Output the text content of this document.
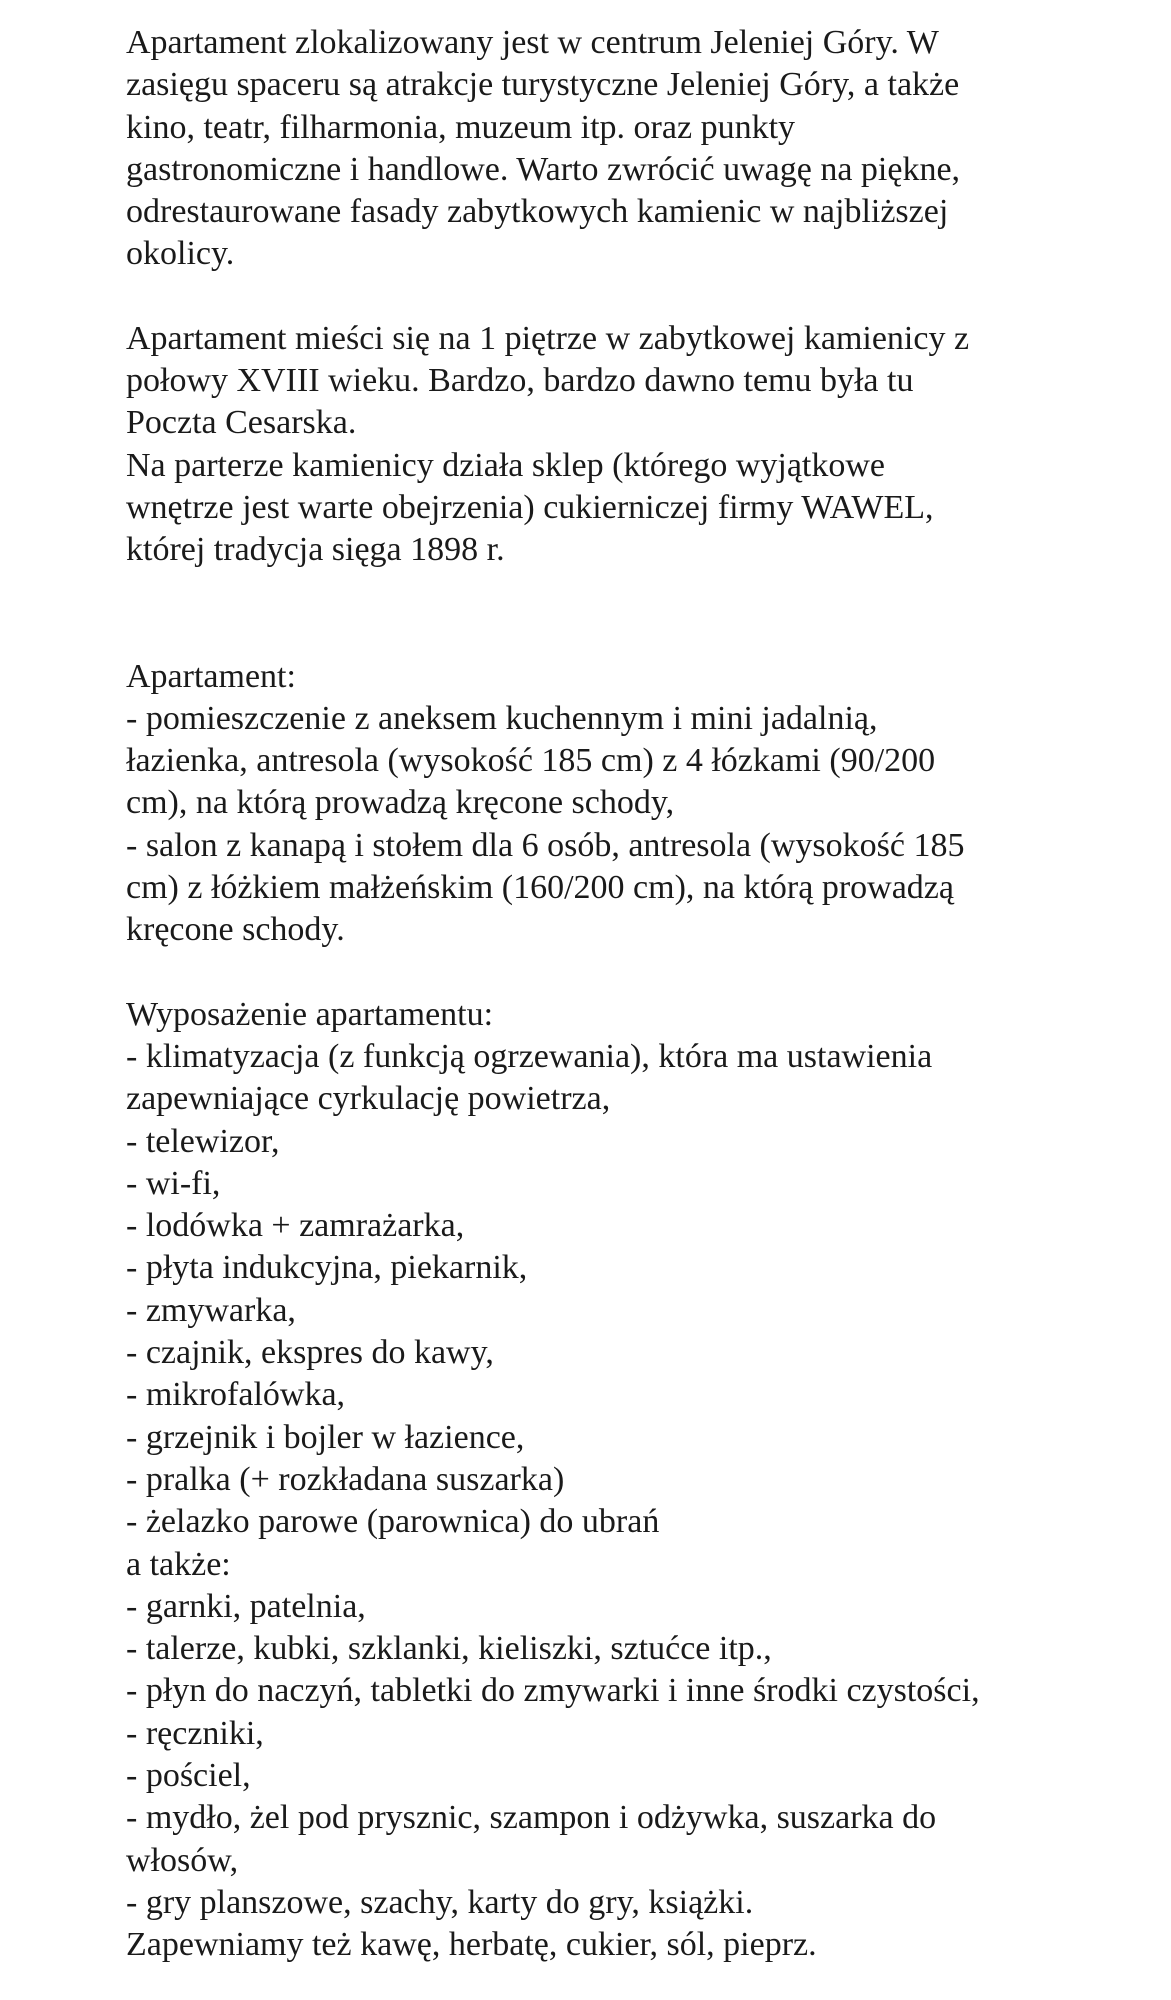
Apartament zlokalizowany jest w centrum Jeleniej Góry. W
zasięgu spaceru są atrakcje turystyczne Jeleniej Góry, a także
kino, teatr, filharmonia, muzeum itp. oraz punkty
gastronomiczne i handlowe. Warto zwrócić uwagę na piękne,
odrestaurowane fasady zabytkowych kamienic w najbliższej
okolicy.

Apartament mieści się na 1 piętrze w zabytkowej kamienicy z
połowy XVIII wieku. Bardzo, bardzo dawno temu była tu
Poczta Cesarska.
Na parterze kamienicy działa sklep (którego wyjątkowe
wnętrze jest warte obejrzenia) cukierniczej firmy WAWEL,
której tradycja sięga 1898 r.

Apartament:
- pomieszczenie z aneksem kuchennym i mini jadalnią,
łazienka, antresola (wysokość 185 cm) z 4 łózkami (90/200
cm), na którą prowadzą kręcone schody,
- salon z kanapą i stołem dla 6 osób, antresola (wysokość 185
cm) z łóżkiem małżeńskim (160/200 cm), na którą prowadzą
kręcone schody.

Wyposażenie apartamentu:
- klimatyzacja (z funkcją ogrzewania), która ma ustawienia
zapewniające cyrkulację powietrza,
- telewizor,
- wi-fi,
- lodówka + zamrażarka,
- płyta indukcyjna, piekarnik,
- zmywarka,
- czajnik, ekspres do kawy,
- mikrofalówka,
- grzejnik i bojler w łazience,
- pralka (+ rozkładana suszarka)
- żelazko parowe (parownica) do ubrań
a także:
- garnki, patelnia,
- talerze, kubki, szklanki, kieliszki, sztućce itp.,
- płyn do naczyń, tabletki do zmywarki i inne środki czystości,
- ręczniki,
- pościel,
- mydło, żel pod prysznic, szampon i odżywka, suszarka do
włosów,
- gry planszowe, szachy, karty do gry, książki.
Zapewniamy też kawę, herbatę, cukier, sól, pieprz.
